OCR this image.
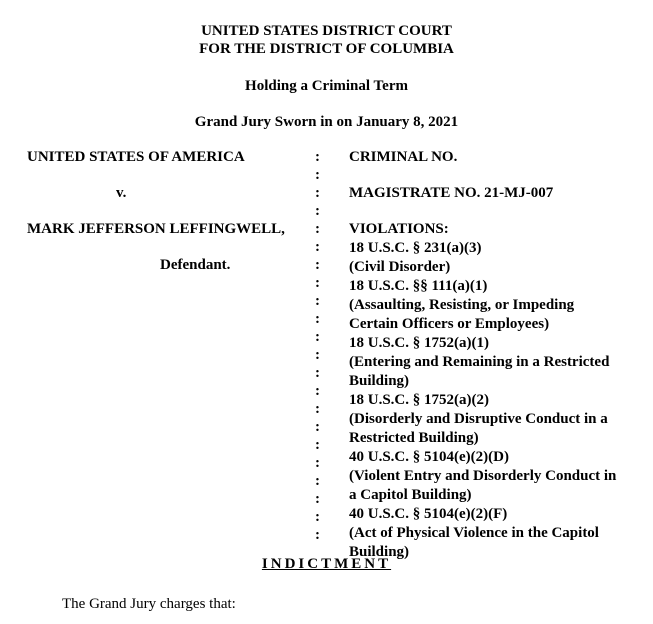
UNITED STATES DISTRICT COURT
FOR THE DISTRICT OF COLUMBIA
Holding a Criminal Term
Grand Jury Sworn in on January 8, 2021
UNITED STATES OF AMERICA
v.
MARK JEFFERSON LEFFINGWELL,
Defendant.
:
:
:
:
:
:
:
:
:
:
:
:
:
:
:
:
:
:
:
:
:
:
CRIMINAL NO.
MAGISTRATE NO. 21-MJ-007
VIOLATIONS:
18 U.S.C. § 231(a)(3)
(Civil Disorder)
18 U.S.C. §§ 111(a)(1)
(Assaulting, Resisting, or Impeding
Certain Officers or Employees)
18 U.S.C. § 1752(a)(1)
(Entering and Remaining in a Restricted
Building)
18 U.S.C. § 1752(a)(2)
(Disorderly and Disruptive Conduct in a
Restricted Building)
40 U.S.C. § 5104(e)(2)(D)
(Violent Entry and Disorderly Conduct in
a Capitol Building)
40 U.S.C. § 5104(e)(2)(F)
(Act of Physical Violence in the Capitol
Building)
INDICTMENT
The Grand Jury charges that:
